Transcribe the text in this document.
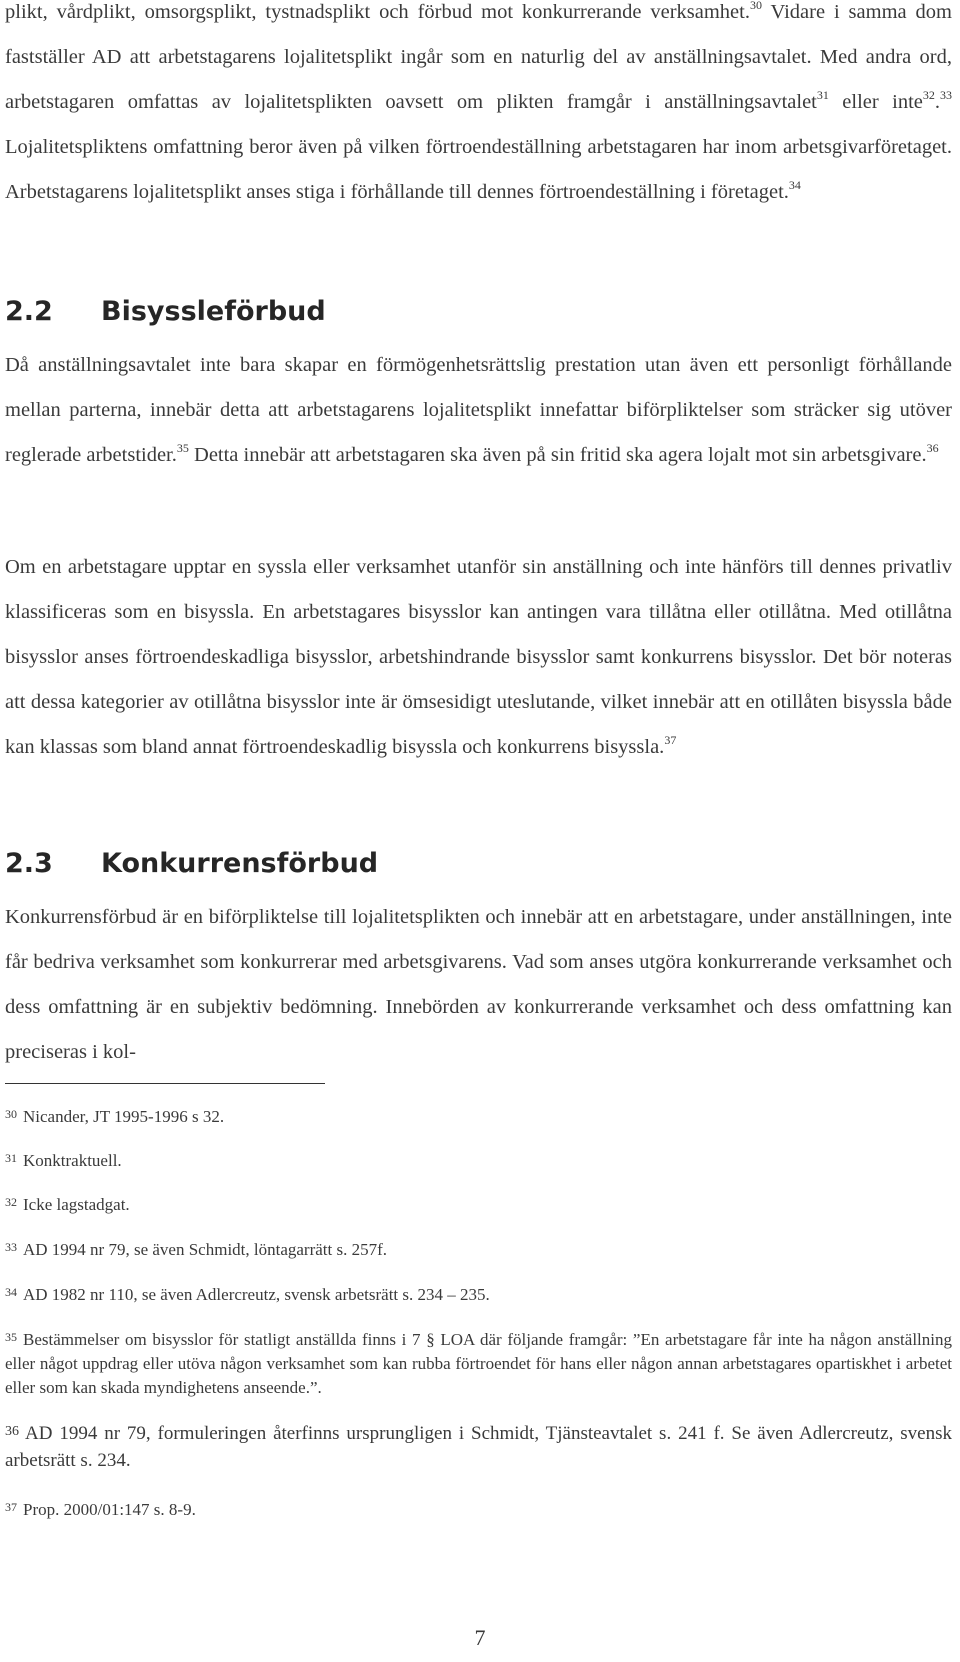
plikt, vårdplikt, omsorgsplikt, tystnadsplikt och förbud mot konkurrerande verksamhet.$^{30}$ Vidare i samma dom fastställer AD att arbetstagarens lojalitetsplikt ingår som en naturlig del av anställningsavtalet. Med andra ord, arbetstagaren omfattas av lojalitetsplikten oavsett om plikten framgår i anställningsavtalet$^{31}$ eller inte$^{32}$.$^{33}$ Lojalitetspliktens omfattning beror även på vilken förtroendeställning arbetstagaren har inom arbetsgivarföretaget. Arbetstagarens lojalitetsplikt anses stiga i förhållande till dennes förtroendeställning i företaget.$^{34}$

2.2 Bisyssleförbud

Då anställningsavtalet inte bara skapar en förmögenhetsrättslig prestation utan även ett personligt förhållande mellan parterna, innebär detta att arbetstagarens lojalitetsplikt innefattar biförpliktelser som sträcker sig utöver reglerade arbetstider.$^{35}$ Detta innebär att arbetstagaren ska även på sin fritid ska agera lojalt mot sin arbetsgivare.$^{36}$

Om en arbetstagare upptar en syssla eller verksamhet utanför sin anställning och inte hänförs till dennes privatliv klassificeras som en bisyssla. En arbetstagares bisysslor kan antingen vara tillåtna eller otillåtna. Med otillåtna bisysslor anses förtroendeskadliga bisysslor, arbetshindrande bisysslor samt konkurrens bisysslor. Det bör noteras att dessa kategorier av otillåtna bisysslor inte är ömsesidigt uteslutande, vilket innebär att en otillåten bisyssla både kan klassas som bland annat förtroendeskadlig bisyssla och konkurrens bisyssla.$^{37}$

2.3 Konkurrensförbud

Konkurrensförbud är en biförpliktelse till lojalitetsplikten och innebär att en arbetstagare, under anställningen, inte får bedriva verksamhet som konkurrerar med arbetsgivarens. Vad som anses utgöra konkurrerande verksamhet och dess omfattning är en subjektiv bedömning. Innebörden av konkurrerande verksamhet och dess omfattning kan preciseras i kol-

$^{30}$ Nicander, JT 1995-1996 s 32.

$^{31}$ Konktraktuell.

$^{32}$ Icke lagstadgat.

$^{33}$ AD 1994 nr 79, se även Schmidt, löntagarrätt s. 257f.

$^{34}$ AD 1982 nr 110, se även Adlercreutz, svensk arbetsrätt s. 234 – 235.

$^{35}$ Bestämmelser om bisysslor för statligt anställda finns i 7 § LOA där följande framgår: ”En arbetstagare får inte ha någon anställning eller något uppdrag eller utöva någon verksamhet som kan rubba förtroendet för hans eller någon annan arbetstagares opartiskhet i arbetet eller som kan skada myndighetens anseende.”.

$^{36}$ AD 1994 nr 79, formuleringen återfinns ursprungligen i Schmidt, Tjänsteavtalet s. 241 f. Se även Adlercreutz, svensk arbetsrätt s. 234.

$^{37}$ Prop. 2000/01:147 s. 8-9.

7
